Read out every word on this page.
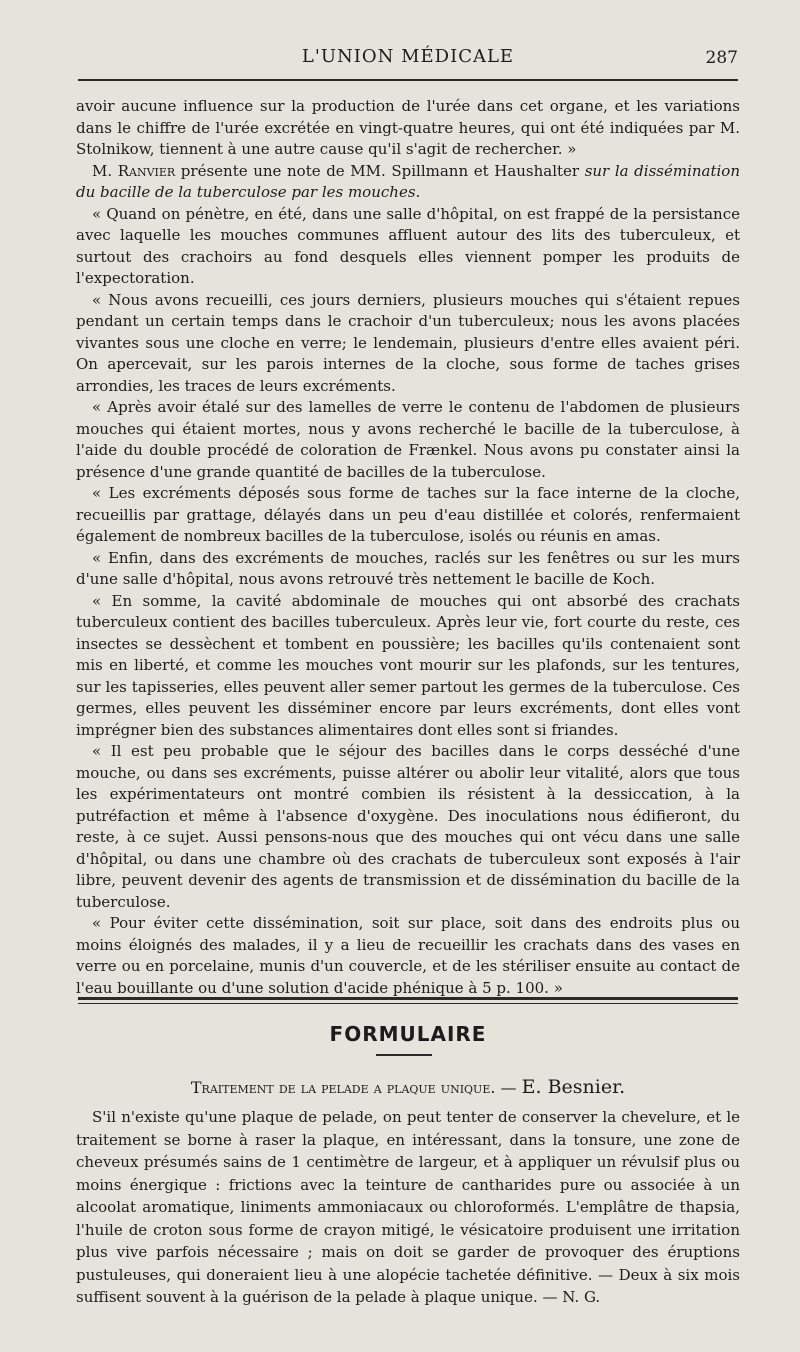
L'UNION MÉDICALE	287

avoir aucune influence sur la production de l'urée dans cet organe, et les variations dans le chiffre de l'urée excrétée en vingt-quatre heures, qui ont été indiquées par M. Stolnikow, tiennent à une autre cause qu'il s'agit de rechercher. »

M. Ranvier présente une note de MM. Spillmann et Haushalter sur la dissémination du bacille de la tuberculose par les mouches.

« Quand on pénètre, en été, dans une salle d'hôpital, on est frappé de la persistance avec laquelle les mouches communes affluent autour des lits des tuberculeux, et surtout des crachoirs au fond desquels elles viennent pomper les produits de l'expectoration.

« Nous avons recueilli, ces jours derniers, plusieurs mouches qui s'étaient repues pendant un certain temps dans le crachoir d'un tuberculeux; nous les avons placées vivantes sous une cloche en verre; le lendemain, plusieurs d'entre elles avaient péri. On apercevait, sur les parois internes de la cloche, sous forme de taches grises arrondies, les traces de leurs excréments.

« Après avoir étalé sur des lamelles de verre le contenu de l'abdomen de plusieurs mouches qui étaient mortes, nous y avons recherché le bacille de la tuberculose, à l'aide du double procédé de coloration de Frænkel. Nous avons pu constater ainsi la présence d'une grande quantité de bacilles de la tuberculose.

« Les excréments déposés sous forme de taches sur la face interne de la cloche, recueillis par grattage, délayés dans un peu d'eau distillée et colorés, renfermaient également de nombreux bacilles de la tuberculose, isolés ou réunis en amas.

« Enfin, dans des excréments de mouches, raclés sur les fenêtres ou sur les murs d'une salle d'hôpital, nous avons retrouvé très nettement le bacille de Koch.

« En somme, la cavité abdominale de mouches qui ont absorbé des crachats tuberculeux contient des bacilles tuberculeux. Après leur vie, fort courte du reste, ces insectes se dessèchent et tombent en poussière; les bacilles qu'ils contenaient sont mis en liberté, et comme les mouches vont mourir sur les plafonds, sur les tentures, sur les tapisseries, elles peuvent aller semer partout les germes de la tuberculose. Ces germes, elles peuvent les disséminer encore par leurs excréments, dont elles vont imprégner bien des substances alimentaires dont elles sont si friandes.

« Il est peu probable que le séjour des bacilles dans le corps desséché d'une mouche, ou dans ses excréments, puisse altérer ou abolir leur vitalité, alors que tous les expérimentateurs ont montré combien ils résistent à la dessiccation, à la putréfaction et même à l'absence d'oxygène. Des inoculations nous édifieront, du reste, à ce sujet. Aussi pensons-nous que des mouches qui ont vécu dans une salle d'hôpital, ou dans une chambre où des crachats de tuberculeux sont exposés à l'air libre, peuvent devenir des agents de transmission et de dissémination du bacille de la tuberculose.

« Pour éviter cette dissémination, soit sur place, soit dans des endroits plus ou moins éloignés des malades, il y a lieu de recueillir les crachats dans des vases en verre ou en porcelaine, munis d'un couvercle, et de les stériliser ensuite au contact de l'eau bouillante ou d'une solution d'acide phénique à 5 p. 100. »

FORMULAIRE
Traitement de la pelade a plaque unique. — E. Besnier.

S'il n'existe qu'une plaque de pelade, on peut tenter de conserver la chevelure, et le traitement se borne à raser la plaque, en intéressant, dans la tonsure, une zone de cheveux présumés sains de 1 centimètre de largeur, et à appliquer un révulsif plus ou moins énergique : frictions avec la teinture de cantharides pure ou associée à un alcoolat aromatique, liniments ammoniacaux ou chloroformés. L'emplâtre de thapsia, l'huile de croton sous forme de crayon mitigé, le vésicatoire produisent une irritation plus vive parfois nécessaire ; mais on doit se garder de provoquer des éruptions pustuleuses, qui doneraient lieu à une alopécie tachetée définitive. — Deux à six mois suffisent souvent à la guérison de la pelade à plaque unique. — N. G.
